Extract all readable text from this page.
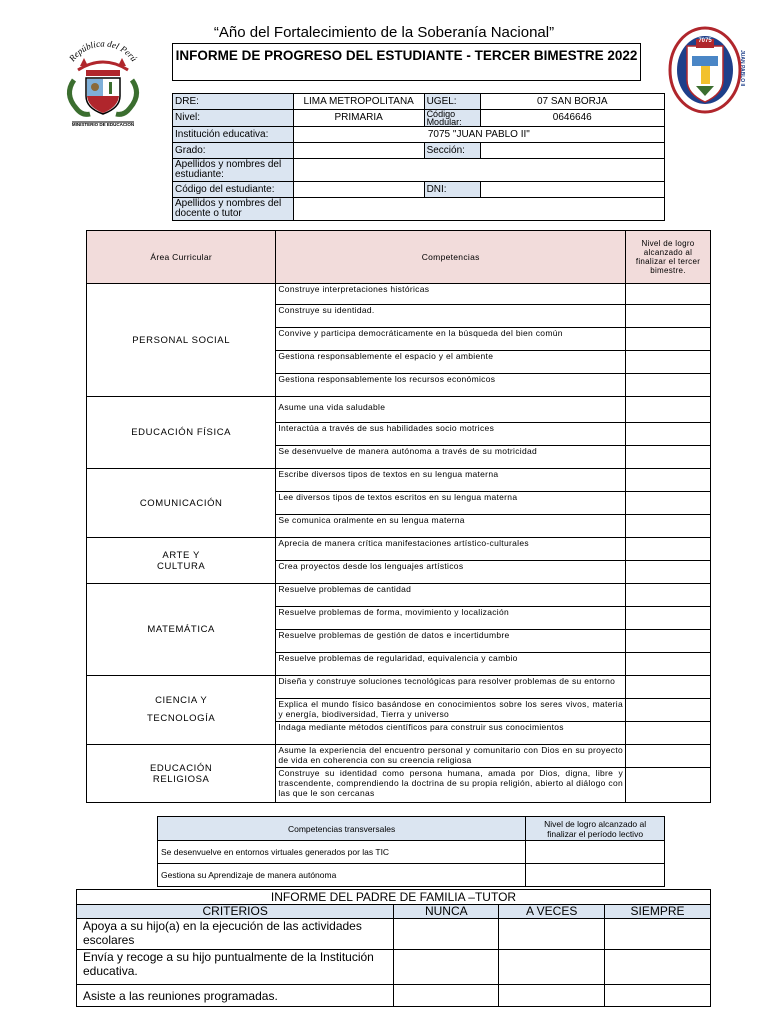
“Año del Fortalecimiento de la Soberanía Nacional”
República del Perú
MINISTERIO DE EDUCACION
7075
JUAN PABLO II
INFORME DE PROGRESO DEL ESTUDIANTE - TERCER BIMESTRE 2022
DRE:	LIMA METROPOLITANA	UGEL:	07 SAN BORJA
Nivel:	PRIMARIA	Código Modular:	0646646
Institución educativa:	7075 "JUAN PABLO II"		
Grado:		Sección:	
Apellidos y nombres del estudiante:			
Código del estudiante:		DNI:	
Apellidos y nombres del docente o tutor			
Área Curricular	Competencias	Nivel de logro alcanzado al finalizar el tercer bimestre.
PERSONAL SOCIAL	Construye interpretaciones históricas	
	Construye su identidad.	
	Convive y participa democráticamente en la búsqueda del bien común	
	Gestiona responsablemente el espacio y el ambiente	
	Gestiona responsablemente los recursos económicos	
EDUCACIÓN FÍSICA	Asume una vida saludable	
	Interactúa a través de sus habilidades socio motrices	
	Se desenvuelve de manera autónoma a través de su motricidad	
COMUNICACIÓN	Escribe diversos tipos de textos en su lengua materna	
	Lee diversos tipos de textos escritos en su lengua materna	
	Se comunica oralmente en su lengua materna	
ARTE Y CULTURA	Aprecia de manera crítica manifestaciones artístico-culturales	
	Crea proyectos desde los lenguajes artísticos	
MATEMÁTICA	Resuelve problemas de cantidad	
	Resuelve problemas de forma, movimiento y localización	
	Resuelve problemas de gestión de datos e incertidumbre	
	Resuelve problemas de regularidad, equivalencia y cambio	
CIENCIA Y TECNOLOGÍA	Diseña y construye soluciones tecnológicas para resolver problemas de su entorno	
	Explica el mundo físico basándose en conocimientos sobre los seres vivos, materia y energía, biodiversidad, Tierra y universo	
	Indaga mediante métodos científicos para construir sus conocimientos	
EDUCACIÓN RELIGIOSA	Asume la experiencia del encuentro personal y comunitario con Dios en su proyecto de vida en coherencia con su creencia religiosa	
	Construye su identidad como persona humana, amada por Dios, digna, libre y trascendente, comprendiendo la doctrina de su propia religión, abierto al diálogo con las que le son cercanas	
Competencias transversales	Nivel de logro alcanzado al finalizar el período lectivo
Se desenvuelve en entornos virtuales generados por las TIC	
Gestiona su Aprendizaje de manera autónoma	
INFORME DEL PADRE DE FAMILIA –TUTOR			
CRITERIOS	NUNCA	A VECES	SIEMPRE
Apoya a su hijo(a) en la ejecución de las actividades escolares			
Envía y recoge a su hijo puntualmente de la Institución educativa.			
Asiste a las reuniones programadas.			
